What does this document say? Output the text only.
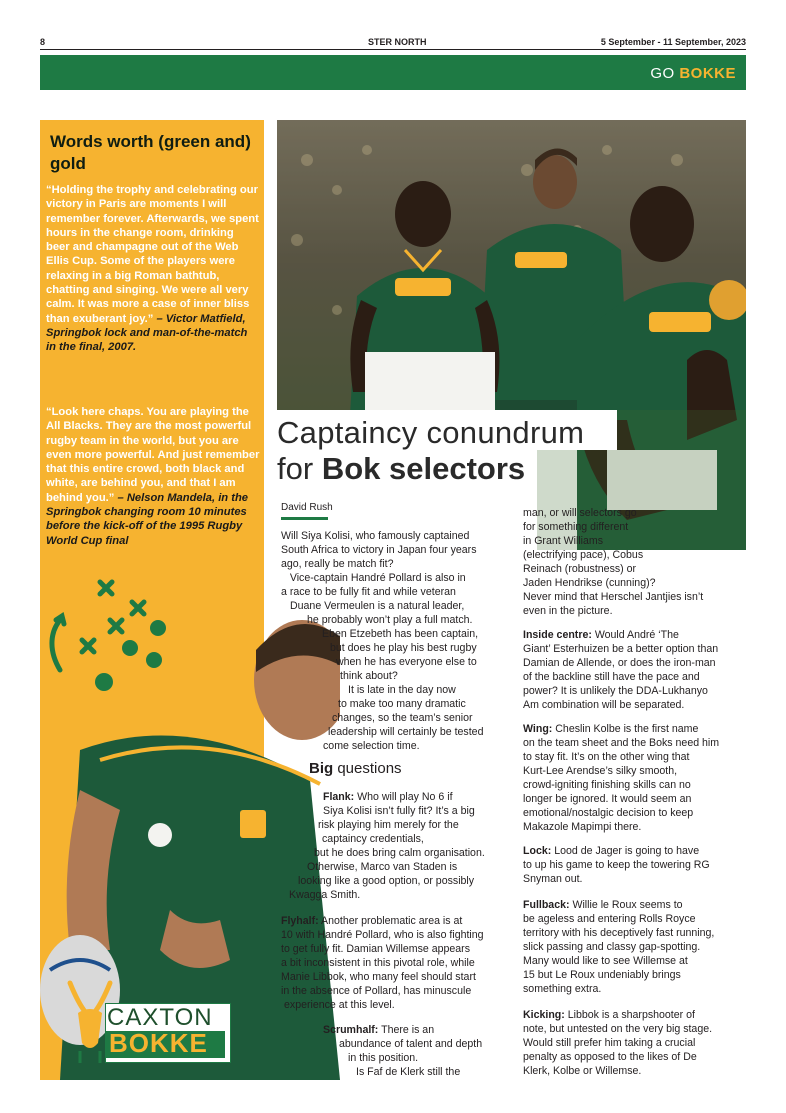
8	STER NORTH	5 September - 11 September, 2023
GO BOKKE
Words worth (green and) gold
“Holding the trophy and celebrating our victory in Paris are moments I will remember forever. Afterwards, we spent hours in the change room, drinking beer and champagne out of the Web Ellis Cup. Some of the players were relaxing in a big Roman bathtub, chatting and singing. We were all very calm. It was more a case of inner bliss than exuberant joy.” – Victor Matfield, Springbok lock and man-of-the-match in the final, 2007.
“Look here chaps. You are playing the All Blacks. They are the most powerful rugby team in the world, but you are even more powerful. And just remember that this entire crowd, both black and white, are behind you, and that I am behind you.” – Nelson Mandela, in the Springbok changing room 10 minutes before the kick-off of the 1995 Rugby World Cup final
Captaincy conundrum
for Bok selectors
David Rush
Will Siya Kolisi, who famously captained
South Africa to victory in Japan four years
ago, really be match fit?
Vice-captain Handré Pollard is also in
a race to be fully fit and while veteran
Duane Vermeulen is a natural leader,
he probably won’t play a full match.
Eben Etzebeth has been captain,
but does he play his best rugby
when he has everyone else to
think about?
It is late in the day now
to make too many dramatic
changes, so the team’s senior
leadership will certainly be tested
come selection time.
Big questions
Flank: Who will play No 6 if
Siya Kolisi isn’t fully fit? It’s a big
risk playing him merely for the
captaincy credentials,
but he does bring calm organisation.
Otherwise, Marco van Staden is
looking like a good option, or possibly
Kwagga Smith.
Flyhalf: Another problematic area is at
10 with Handré Pollard, who is also fighting
to get fully fit. Damian Willemse appears
a bit inconsistent in this pivotal role, while
Manie Libbok, who many feel should start
in the absence of Pollard, has minuscule
experience at this level.
Scrumhalf: There is an
abundance of talent and depth
in this position.
Is Faf de Klerk still the
man, or will selectors go
for something different
in Grant Williams
(electrifying pace), Cobus
Reinach (robustness) or
Jaden Hendrikse (cunning)?
Never mind that Herschel Jantjies isn’t
even in the picture.
Inside centre: Would André ‘The
Giant’ Esterhuizen be a better option than
Damian de Allende, or does the iron-man
of the backline still have the pace and
power? It is unlikely the DDA-Lukhanyo
Am combination will be separated.
Wing: Cheslin Kolbe is the first name
on the team sheet and the Boks need him
to stay fit. It’s on the other wing that
Kurt-Lee Arendse’s silky smooth,
crowd-igniting finishing skills can no
longer be ignored. It would seem an
emotional/nostalgic decision to keep
Makazole Mapimpi there.
Lock: Lood de Jager is going to have
to up his game to keep the towering RG
Snyman out.
Fullback: Willie le Roux seems to
be ageless and entering Rolls Royce
territory with his deceptively fast running,
slick passing and classy gap-spotting.
Many would like to see Willemse at
15 but Le Roux undeniably brings
something extra.
Kicking: Libbok is a sharpshooter of
note, but untested on the very big stage.
Would still prefer him taking a crucial
penalty as opposed to the likes of De
Klerk, Kolbe or Willemse.
CAXTON
BOKKE
